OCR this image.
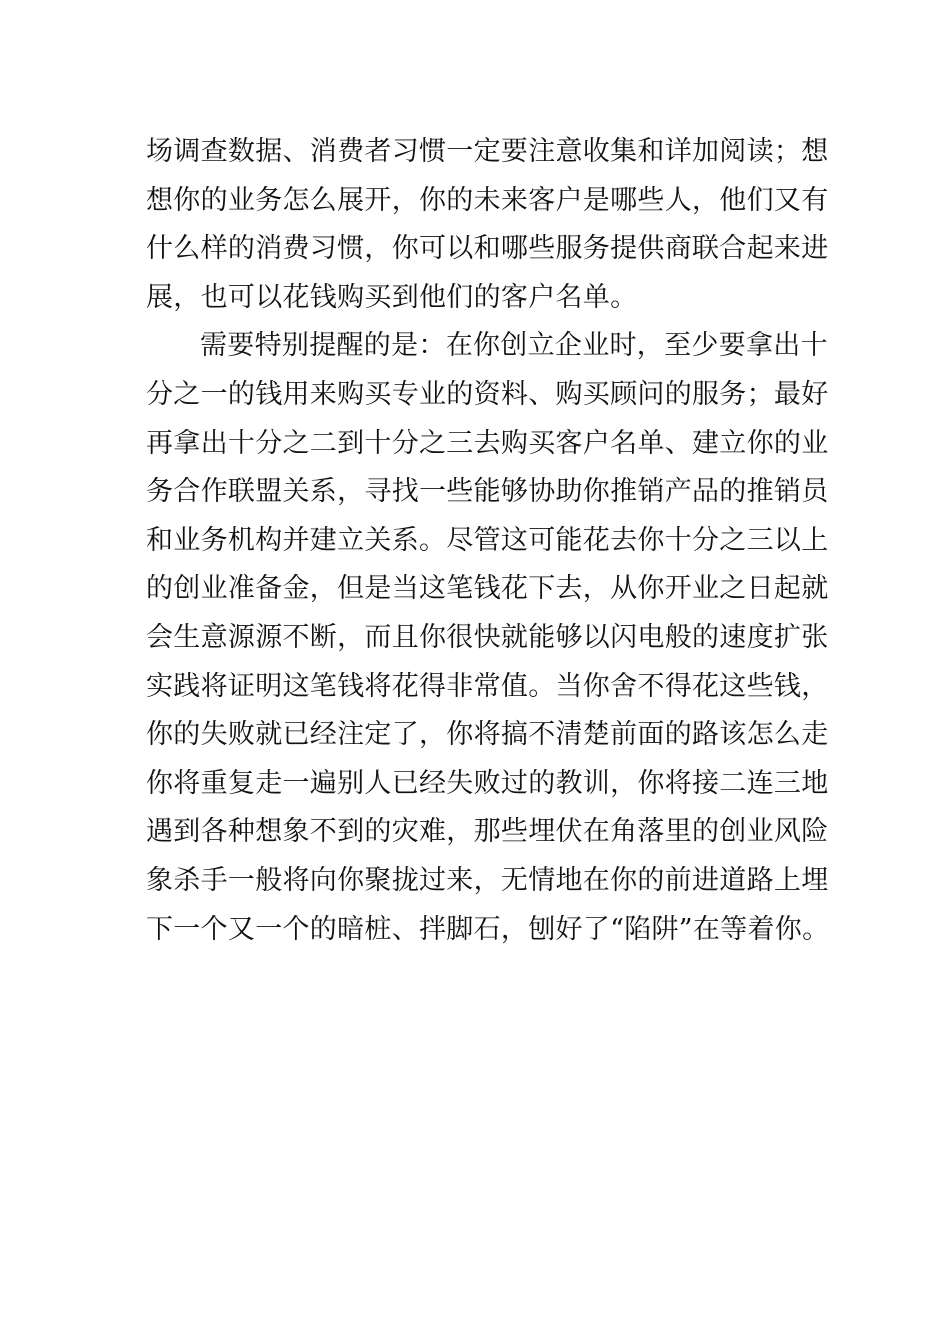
场调查数据、消费者习惯一定要注意收集和详加阅读；想
想你的业务怎么展开，你的未来客户是哪些人，他们又有
什么样的消费习惯，你可以和哪些服务提供商联合起来进
展，也可以花钱购买到他们的客户名单。
需要特别提醒的是：在你创立企业时，至少要拿出十
分之一的钱用来购买专业的资料、购买顾问的服务；最好
再拿出十分之二到十分之三去购买客户名单、建立你的业
务合作联盟关系，寻找一些能够协助你推销产品的推销员
和业务机构并建立关系。尽管这可能花去你十分之三以上
的创业准备金，但是当这笔钱花下去，从你开业之日起就
会生意源源不断，而且你很快就能够以闪电般的速度扩张
实践将证明这笔钱将花得非常值。当你舍不得花这些钱，
你的失败就已经注定了，你将搞不清楚前面的路该怎么走
你将重复走一遍别人已经失败过的教训，你将接二连三地
遇到各种想象不到的灾难，那些埋伏在角落里的创业风险
象杀手一般将向你聚拢过来，无情地在你的前进道路上埋
下一个又一个的暗桩、拌脚石，刨好了“陷阱”在等着你。
